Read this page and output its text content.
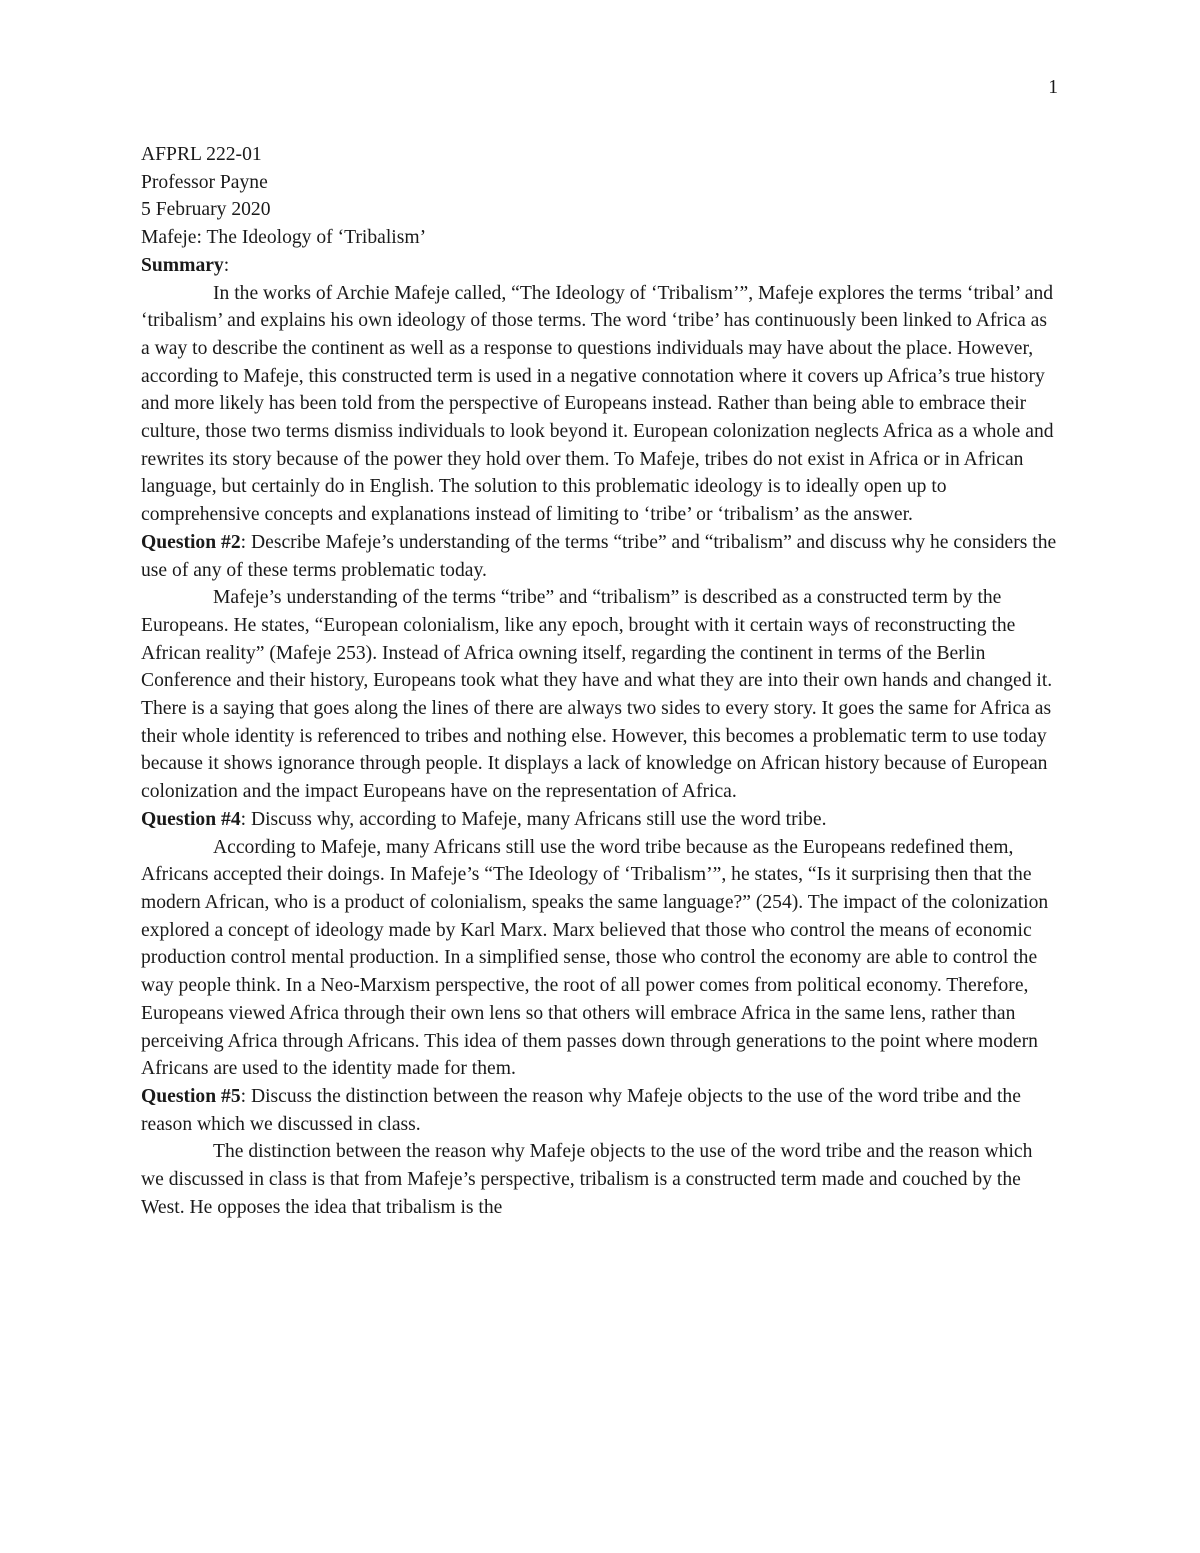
1

AFPRL 222-01

Professor Payne

5 February 2020

Mafeje: The Ideology of ‘Tribalism’

Summary:

In the works of Archie Mafeje called, “The Ideology of ‘Tribalism’”, Mafeje explores the terms ‘tribal’ and ‘tribalism’ and explains his own ideology of those terms. The word ‘tribe’ has continuously been linked to Africa as a way to describe the continent as well as a response to questions individuals may have about the place. However, according to Mafeje, this constructed term is used in a negative connotation where it covers up Africa’s true history and more likely has been told from the perspective of Europeans instead. Rather than being able to embrace their culture, those two terms dismiss individuals to look beyond it. European colonization neglects Africa as a whole and rewrites its story because of the power they hold over them. To Mafeje, tribes do not exist in Africa or in African language, but certainly do in English. The solution to this problematic ideology is to ideally open up to comprehensive concepts and explanations instead of limiting to ‘tribe’ or ‘tribalism’ as the answer.

Question #2: Describe Mafeje’s understanding of the terms “tribe” and “tribalism” and discuss why he considers the use of any of these terms problematic today.

Mafeje’s understanding of the terms “tribe” and “tribalism” is described as a constructed term by the Europeans. He states, “European colonialism, like any epoch, brought with it certain ways of reconstructing the African reality” (Mafeje 253). Instead of Africa owning itself, regarding the continent in terms of the Berlin Conference and their history, Europeans took what they have and what they are into their own hands and changed it. There is a saying that goes along the lines of there are always two sides to every story. It goes the same for Africa as their whole identity is referenced to tribes and nothing else. However, this becomes a problematic term to use today because it shows ignorance through people. It displays a lack of knowledge on African history because of European colonization and the impact Europeans have on the representation of Africa.

Question #4: Discuss why, according to Mafeje, many Africans still use the word tribe.

According to Mafeje, many Africans still use the word tribe because as the Europeans redefined them, Africans accepted their doings. In Mafeje’s “The Ideology of ‘Tribalism’”, he states, “Is it surprising then that the modern African, who is a product of colonialism, speaks the same language?” (254). The impact of the colonization explored a concept of ideology made by Karl Marx. Marx believed that those who control the means of economic production control mental production. In a simplified sense, those who control the economy are able to control the way people think. In a Neo-Marxism perspective, the root of all power comes from political economy. Therefore, Europeans viewed Africa through their own lens so that others will embrace Africa in the same lens, rather than perceiving Africa through Africans. This idea of them passes down through generations to the point where modern Africans are used to the identity made for them.

Question #5: Discuss the distinction between the reason why Mafeje objects to the use of the word tribe and the reason which we discussed in class.

The distinction between the reason why Mafeje objects to the use of the word tribe and the reason which we discussed in class is that from Mafeje’s perspective, tribalism is a constructed term made and couched by the West. He opposes the idea that tribalism is the
